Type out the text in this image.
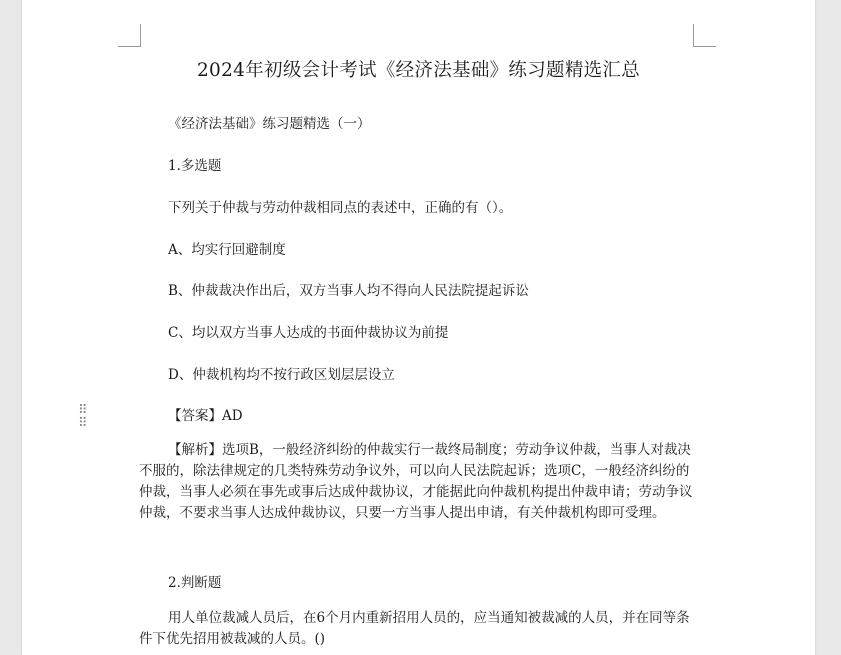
2024年初级会计考试《经济法基础》练习题精选汇总
《经济法基础》练习题精选（一）
1.多选题
下列关于仲裁与劳动仲裁相同点的表述中，正确的有（）。
A、均实行回避制度
B、仲裁裁决作出后，双方当事人均不得向人民法院提起诉讼
C、均以双方当事人达成的书面仲裁协议为前提
D、仲裁机构均不按行政区划层层设立
【答案】AD
【解析】选项B，一般经济纠纷的仲裁实行一裁终局制度；劳动争议仲裁，当事人对裁决不服的，除法律规定的几类特殊劳动争议外，可以向人民法院起诉；选项C，一般经济纠纷的仲裁，当事人必须在事先或事后达成仲裁协议，才能据此向仲裁机构提出仲裁申请；劳动争议仲裁，不要求当事人达成仲裁协议，只要一方当事人提出申请，有关仲裁机构即可受理。
2.判断题
用人单位裁减人员后，在6个月内重新招用人员的，应当通知被裁减的人员，并在同等条件下优先招用被裁减的人员。()
⠿
⠿
